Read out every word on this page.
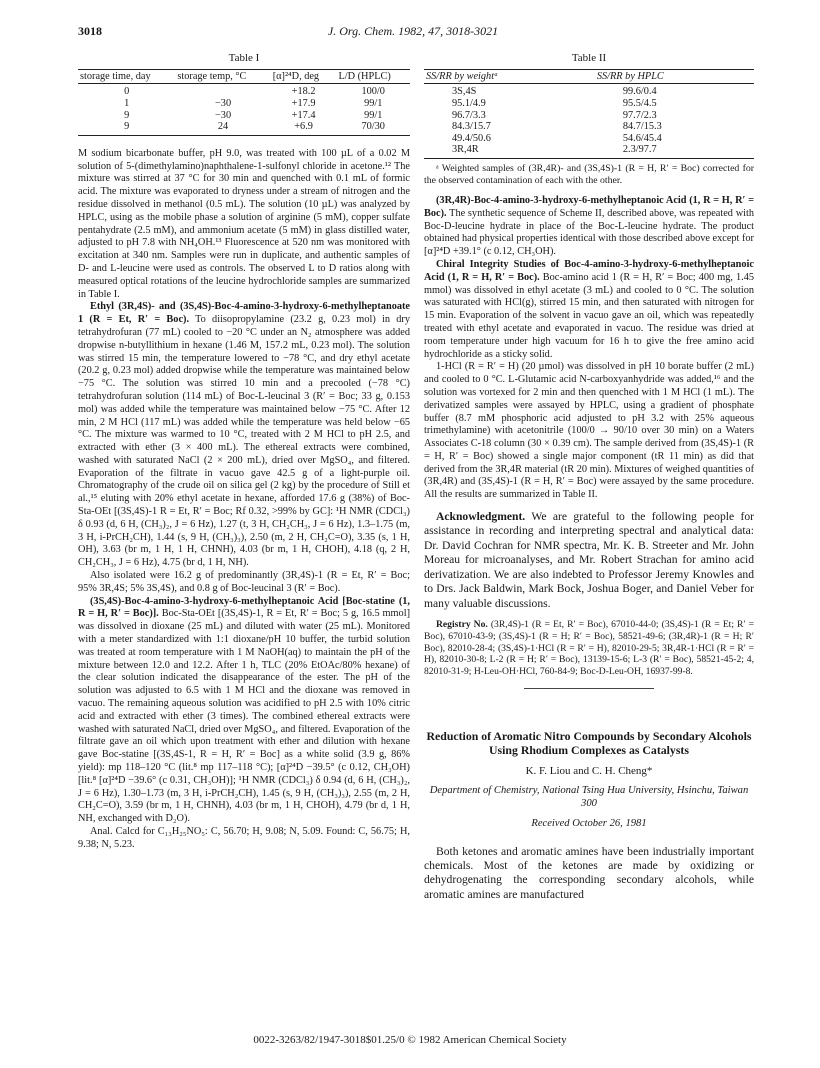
3018	J. Org. Chem. 1982, 47, 3018-3021
Table I
storage time, day	storage temp, °C	[α]²⁴D, deg	L/D (HPLC)
0		+18.2	100/0
1	−30	+17.9	99/1
9	−30	+17.4	99/1
9	24	+6.9	70/30

M sodium bicarbonate buffer, pH 9.0, was treated with 100 µL of a 0.02 M solution of 5-(dimethylamino)naphthalene-1-sulfonyl chloride in acetone.¹² The mixture was stirred at 37 °C for 30 min and quenched with 0.1 mL of formic acid. The mixture was evaporated to dryness under a stream of nitrogen and the residue dissolved in methanol (0.5 mL). The solution (10 µL) was analyzed by HPLC, using as the mobile phase a solution of arginine (5 mM), copper sulfate pentahydrate (2.5 mM), and ammonium acetate (5 mM) in glass distilled water, adjusted to pH 7.8 with NH₄OH.¹³ Fluorescence at 520 nm was monitored with excitation at 340 nm. Samples were run in duplicate, and authentic samples of D- and L-leucine were used as controls. The observed L to D ratios along with measured optical rotations of the leucine hydrochloride samples are summarized in Table I.

Ethyl (3R,4S)- and (3S,4S)-Boc-4-amino-3-hydroxy-6-methylheptanoate 1 (R = Et, R′ = Boc). To diisopropylamine (23.2 g, 0.23 mol) in dry tetrahydrofuran (77 mL) cooled to −20 °C under an N₂ atmosphere was added dropwise n-butyllithium in hexane (1.46 M, 157.2 mL, 0.23 mol). The solution was stirred 15 min, the temperature lowered to −78 °C, and dry ethyl acetate (20.2 g, 0.23 mol) added dropwise while the temperature was maintained below −75 °C. The solution was stirred 10 min and a precooled (−78 °C) tetrahydrofuran solution (114 mL) of Boc-L-leucinal 3 (R′ = Boc; 33 g, 0.153 mol) was added while the temperature was maintained below −75 °C. After 12 min, 2 M HCl (117 mL) was added while the temperature was held below −65 °C. The mixture was warmed to 10 °C, treated with 2 M HCl to pH 2.5, and extracted with ether (3 × 400 mL). The ethereal extracts were combined, washed with saturated NaCl (2 × 200 mL), dried over MgSO₄, and filtered. Evaporation of the filtrate in vacuo gave 42.5 g of a light-purple oil. Chromatography of the crude oil on silica gel (2 kg) by the procedure of Still et al.,¹⁵ eluting with 20% ethyl acetate in hexane, afforded 17.6 g (38%) of Boc-Sta-OEt [(3S,4S)-1 R = Et, R′ = Boc; Rf 0.32, >99% by GC]: ¹H NMR (CDCl₃) δ 0.93 (d, 6 H, (CH₃)₂, J = 6 Hz), 1.27 (t, 3 H, CH₂CH₃, J = 6 Hz), 1.3–1.75 (m, 3 H, i-PrCH₂CH), 1.44 (s, 9 H, (CH₃)₃), 2.50 (m, 2 H, CH₂C=O), 3.35 (s, 1 H, OH), 3.63 (br m, 1 H, 1 H, CHNH), 4.03 (br m, 1 H, CHOH), 4.18 (q, 2 H, CH₂CH₃, J = 6 Hz), 4.75 (br d, 1 H, NH).

Also isolated were 16.2 g of predominantly (3R,4S)-1 (R = Et, R′ = Boc; 95% 3R,4S; 5% 3S,4S), and 0.8 g of Boc-leucinal 3 (R′ = Boc).

(3S,4S)-Boc-4-amino-3-hydroxy-6-methylheptanoic Acid [Boc-statine (1, R = H, R′ = Boc)]. Boc-Sta-OEt [(3S,4S)-1, R = Et, R′ = Boc; 5 g, 16.5 mmol] was dissolved in dioxane (25 mL) and diluted with water (25 mL). Monitored with a meter standardized with 1:1 dioxane/pH 10 buffer, the turbid solution was treated at room temperature with 1 M NaOH(aq) to maintain the pH of the mixture between 12.0 and 12.2. After 1 h, TLC (20% EtOAc/80% hexane) of the clear solution indicated the disappearance of the ester. The pH of the solution was adjusted to 6.5 with 1 M HCl and the dioxane was removed in vacuo. The remaining aqueous solution was acidified to pH 2.5 with 10% citric acid and extracted with ether (3 times). The combined ethereal extracts were washed with saturated NaCl, dried over MgSO₄, and filtered. Evaporation of the filtrate gave an oil which upon treatment with ether and dilution with hexane gave Boc-statine [(3S,4S-1, R = H, R′ = Boc] as a white solid (3.9 g, 86% yield): mp 118–120 °C (lit.⁸ mp 117–118 °C); [α]²⁴D −39.5° (c 0.12, CH₃OH) [lit.⁸ [α]²⁴D −39.6° (c 0.31, CH₃OH)]; ¹H NMR (CDCl₃) δ 0.94 (d, 6 H, (CH₃)₂, J = 6 Hz), 1.30–1.73 (m, 3 H, i-PrCH₂CH), 1.45 (s, 9 H, (CH₃)₃), 2.55 (m, 2 H, CH₂C=O), 3.59 (br m, 1 H, CHNH), 4.03 (br m, 1 H, CHOH), 4.79 (br d, 1 H, NH, exchanged with D₂O).

Anal. Calcd for C₁₃H₂₅NO₅: C, 56.70; H, 9.08; N, 5.09. Found: C, 56.75; H, 9.38; N, 5.23.

Table II
SS/RR by weightᵃ	SS/RR by HPLC
3S,4S	99.6/0.4
95.1/4.9	95.5/4.5
96.7/3.3	97.7/2.3
84.3/15.7	84.7/15.3
49.4/50.6	54.6/45.4
3R,4R	2.3/97.7

ᵃ Weighted samples of (3R,4R)- and (3S,4S)-1 (R = H, R′ = Boc) corrected for the observed contamination of each with the other.

(3R,4R)-Boc-4-amino-3-hydroxy-6-methylheptanoic Acid (1, R = H, R′ = Boc). The synthetic sequence of Scheme II, described above, was repeated with Boc-D-leucine hydrate in place of the Boc-L-leucine hydrate. The product obtained had physical properties identical with those described above except for [α]²⁴D +39.1° (c 0.12, CH₃OH).

Chiral Integrity Studies of Boc-4-amino-3-hydroxy-6-methylheptanoic Acid (1, R = H, R′ = Boc). Boc-amino acid 1 (R = H, R′ = Boc; 400 mg, 1.45 mmol) was dissolved in ethyl acetate (3 mL) and cooled to 0 °C. The solution was saturated with HCl(g), stirred 15 min, and then saturated with nitrogen for 15 min. Evaporation of the solvent in vacuo gave an oil, which was repeatedly treated with ethyl acetate and evaporated in vacuo. The residue was dried at room temperature under high vacuum for 16 h to give the free amino acid hydrochloride as a sticky solid.

1-HCl (R = R′ = H) (20 µmol) was dissolved in pH 10 borate buffer (2 mL) and cooled to 0 °C. L-Glutamic acid N-carboxyanhydride was added,¹⁶ and the solution was vortexed for 2 min and then quenched with 1 M HCl (1 mL). The derivatized samples were assayed by HPLC, using a gradient of phosphate buffer (8.7 mM phosphoric acid adjusted to pH 3.2 with 25% aqueous trimethylamine) with acetonitrile (100/0 → 90/10 over 30 min) on a Waters Associates C-18 column (30 × 0.39 cm). The sample derived from (3S,4S)-1 (R = H, R′ = Boc) showed a single major component (tR 11 min) as did that derived from the 3R,4R material (tR 20 min). Mixtures of weighed quantities of (3R,4R) and (3S,4S)-1 (R = H, R′ = Boc) were assayed by the same procedure. All the results are summarized in Table II.

Acknowledgment. We are grateful to the following people for assistance in recording and interpreting spectral and analytical data: Dr. David Cochran for NMR spectra, Mr. K. B. Streeter and Mr. John Moreau for microanalyses, and Mr. Robert Strachan for amino acid derivatization. We are also indebted to Professor Jeremy Knowles and to Drs. Jack Baldwin, Mark Bock, Joshua Boger, and Daniel Veber for many valuable discussions.

Registry No. (3R,4S)-1 (R = Et, R′ = Boc), 67010-44-0; (3S,4S)-1 (R = Et; R′ = Boc), 67010-43-9; (3S,4S)-1 (R = H; R′ = Boc), 58521-49-6; (3R,4R)-1 (R = H; R′ Boc), 82010-28-4; (3S,4S)-1·HCl (R = R′ = H), 82010-29-5; 3R,4R-1·HCl (R = R′ = H), 82010-30-8; L-2 (R = H; R′ = Boc), 13139-15-6; L-3 (R′ = Boc), 58521-45-2; 4, 82010-31-9; H-Leu-OH·HCl, 760-84-9; Boc-D-Leu-OH, 16937-99-8.

Reduction of Aromatic Nitro Compounds by Secondary Alcohols Using Rhodium Complexes as Catalysts
K. F. Liou and C. H. Cheng*
Department of Chemistry, National Tsing Hua University, Hsinchu, Taiwan 300
Received October 26, 1981

Both ketones and aromatic amines have been industrially important chemicals. Most of the ketones are made by oxidizing or dehydrogenating the corresponding secondary alcohols, while aromatic amines are manufactured

0022-3263/82/1947-3018$01.25/0 © 1982 American Chemical Society
